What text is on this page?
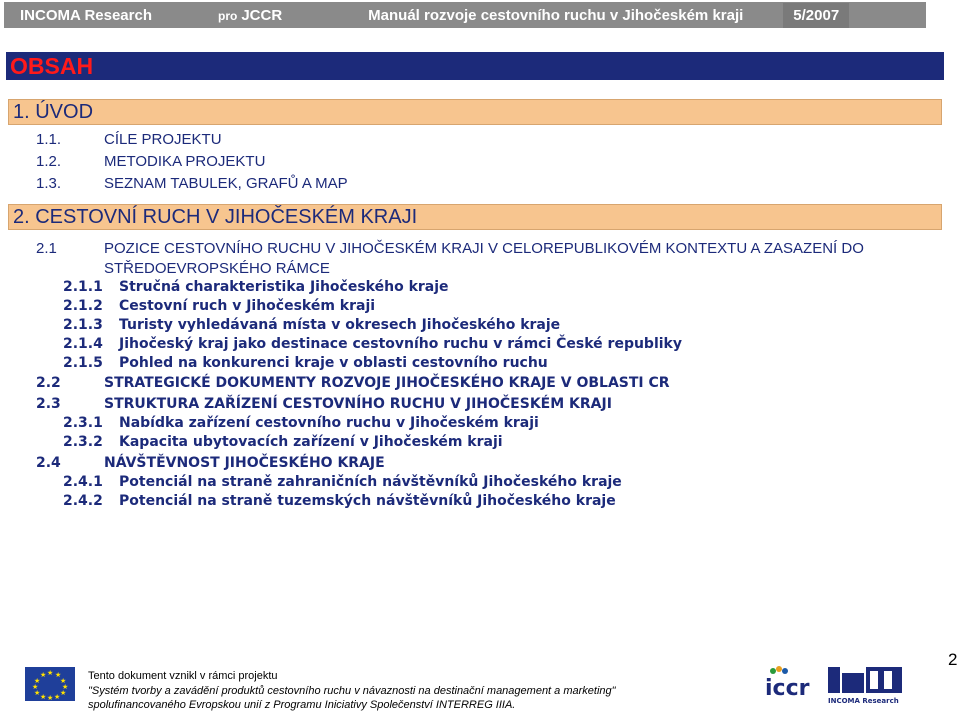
INCOMA Research	pro JCCR	Manuál rozvoje cestovního ruchu v Jihočeském kraji	5/2007
OBSAH
1. ÚVOD
1.1.	CÍLE PROJEKTU
1.2.	METODIKA PROJEKTU
1.3.	SEZNAM TABULEK, GRAFŮ A MAP
2. CESTOVNÍ RUCH V JIHOČESKÉM KRAJI
2.1	POZICE CESTOVNÍHO RUCHU V JIHOČESKÉM KRAJI V CELOREPUBLIKOVÉM KONTEXTU A ZASAZENÍ DO
STŘEDOEVROPSKÉHO RÁMCE
2.1.1 Stručná charakteristika Jihočeského kraje
2.1.2 Cestovní ruch v Jihočeském kraji
2.1.3 Turisty vyhledávaná místa v okresech Jihočeského kraje
2.1.4 Jihočeský kraj jako destinace cestovního ruchu v rámci České republiky
2.1.5 Pohled na konkurenci kraje v oblasti cestovního ruchu
2.2	STRATEGICKÉ DOKUMENTY ROZVOJE JIHOČESKÉHO KRAJE V OBLASTI CR
2.3	STRUKTURA ZAŘÍZENÍ CESTOVNÍHO RUCHU V JIHOČESKÉM KRAJI
2.3.1 Nabídka zařízení cestovního ruchu v Jihočeském kraji
2.3.2 Kapacita ubytovacích zařízení v Jihočeském kraji
2.4	NÁVŠTĚVNOST JIHOČESKÉHO KRAJE
2.4.1 Potenciál na straně zahraničních návštěvníků Jihočeského kraje
2.4.2 Potenciál na straně tuzemských návštěvníků Jihočeského kraje
★ ★
★
★
★
★
★
★
★
★
★
★	Tento dokument vznikl v rámci projektu
"Systém tvorby a zavádění produktů cestovního ruchu v návaznosti na destinační management a marketing"
spolufinancovaného Evropskou unií z Programu Iniciativy Společenství INTERREG IIIA.
iccr	INCOMA Research
2
